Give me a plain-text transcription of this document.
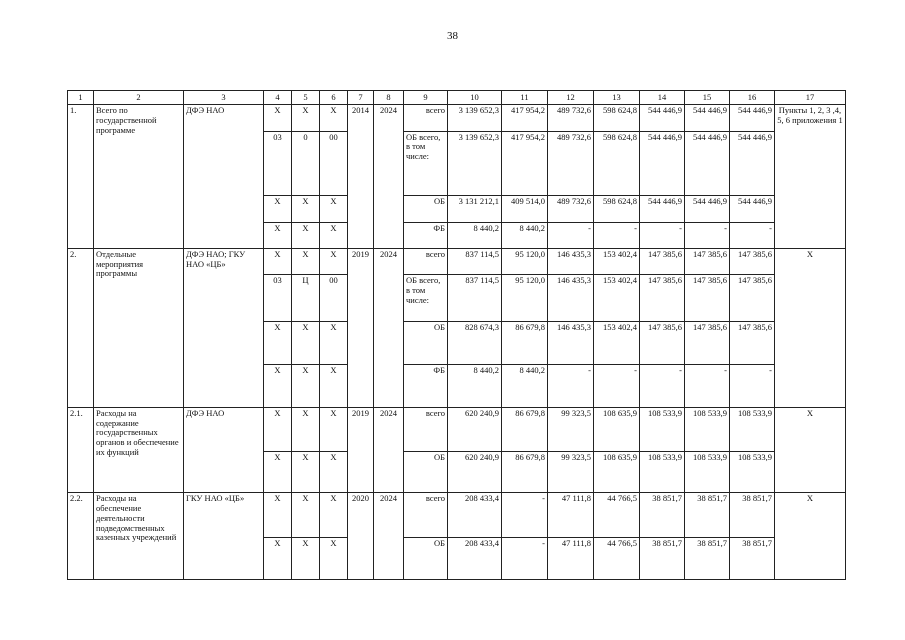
38
1	2	3	4	5	6	7	8	9	10	11	12	13	14	15	16	17
1.	Всего по государственной программе	ДФЭ НАО	Х	Х	Х	2014	2024	всего	3 139 652,3	417 954,2	489 732,6	598 624,8	544 446,9	544 446,9	544 446,9	Пункты 1, 2, 3 ,4, 5, 6 приложения 1
			03	0	00			ОБ всего, в том числе:	3 139 652,3	417 954,2	489 732,6	598 624,8	544 446,9	544 446,9	544 446,9	
			Х	Х	Х			ОБ	3 131 212,1	409 514,0	489 732,6	598 624,8	544 446,9	544 446,9	544 446,9	
			Х	Х	Х			ФБ	8 440,2	8 440,2	-	-	-	-	-	
2.	Отдельные мероприятия программы	ДФЭ НАО; ГКУ НАО «ЦБ»	Х	Х	Х	2019	2024	всего	837 114,5	95 120,0	146 435,3	153 402,4	147 385,6	147 385,6	147 385,6	Х
			03	Ц	00			ОБ всего, в том числе:	837 114,5	95 120,0	146 435,3	153 402,4	147 385,6	147 385,6	147 385,6	
			Х	Х	Х			ОБ	828 674,3	86 679,8	146 435,3	153 402,4	147 385,6	147 385,6	147 385,6	
			Х	Х	Х			ФБ	8 440,2	8 440,2	-	-	-	-	-	
2.1.	Расходы на содержание государственных органов и обеспечение их функций	ДФЭ НАО	Х	Х	Х	2019	2024	всего	620 240,9	86 679,8	99 323,5	108 635,9	108 533,9	108 533,9	108 533,9	Х
			Х	Х	Х			ОБ	620 240,9	86 679,8	99 323,5	108 635,9	108 533,9	108 533,9	108 533,9	
2.2.	Расходы на обеспечение деятельности подведомственных казенных учреждений	ГКУ НАО «ЦБ»	Х	Х	Х	2020	2024	всего	208 433,4	-	47 111,8	44 766,5	38 851,7	38 851,7	38 851,7	Х
			Х	Х	Х			ОБ	208 433,4	-	47 111,8	44 766,5	38 851,7	38 851,7	38 851,7	
